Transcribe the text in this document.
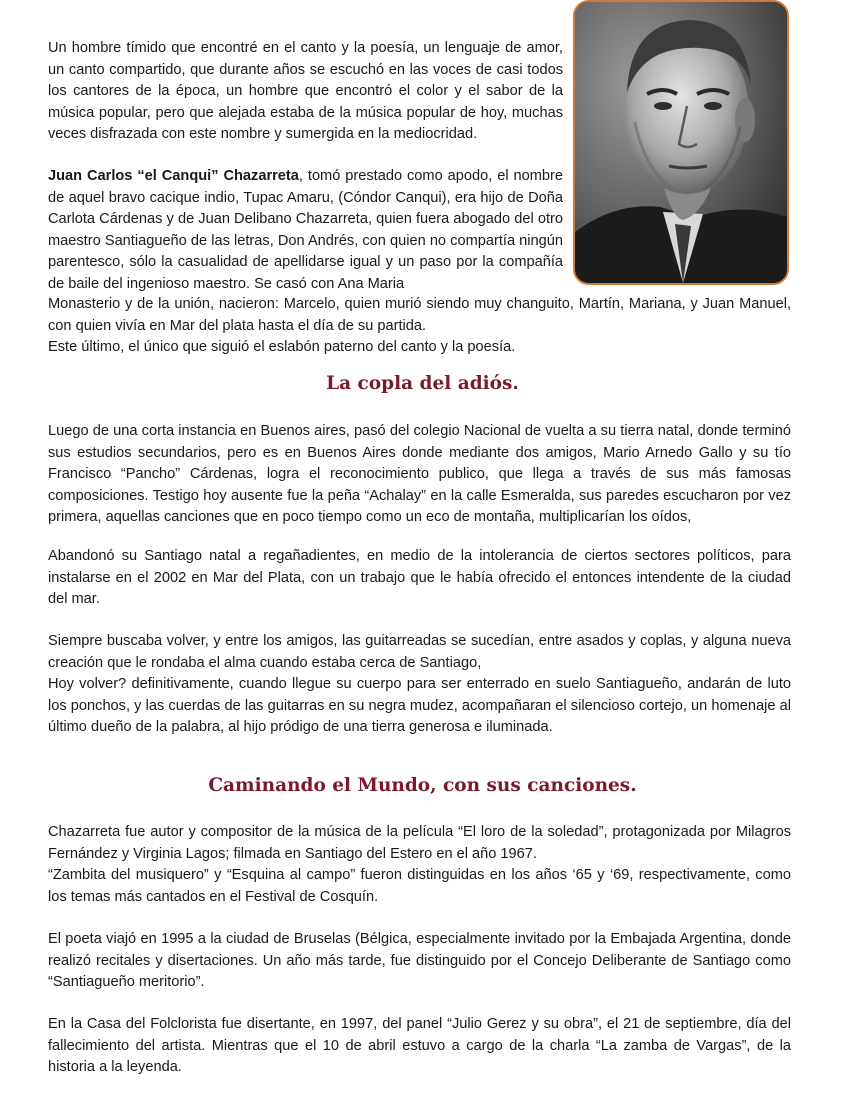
Un hombre tímido que encontré en el canto y la poesía, un lenguaje de amor, un canto compartido, que durante años se escuchó en las voces de casi todos los cantores de la época, un hombre que encontró el color y el sabor de la música popular, pero que alejada estaba de la música popular de hoy, muchas veces disfrazada con este nombre y sumergida en la mediocridad.

Juan Carlos “el Canqui” Chazarreta, tomó prestado como apodo, el nombre de aquel bravo cacique indio, Tupac Amaru, (Cóndor Canqui), era hijo de Doña Carlota Cárdenas y de Juan Delibano Chazarreta, quien fuera abogado del otro maestro Santiagueño de las letras, Don Andrés, con quien no compartía ningún parentesco, sólo la casualidad de apellidarse igual y un paso por la compañía de baile del ingenioso maestro. Se casó con Ana Maria

Monasterio y de la unión, nacieron: Marcelo, quien murió siendo muy changuito, Martín, Mariana, y Juan Manuel, con quien vivía en Mar del plata hasta el día de su partida.

Este último, el único que siguió el eslabón paterno del canto y la poesía.

La copla del adiós.

Luego de una corta instancia en Buenos aires, pasó del colegio Nacional de vuelta a su tierra natal, donde terminó sus estudios secundarios, pero es en Buenos Aires donde mediante dos amigos, Mario Arnedo Gallo y su tío Francisco “Pancho” Cárdenas, logra el reconocimiento publico, que llega a través de sus más famosas composiciones. Testigo hoy ausente fue la peña “Achalay” en la calle Esmeralda, sus paredes escucharon por vez primera, aquellas canciones que en poco tiempo como un eco de montaña, multiplicarían los oídos,

Abandonó su Santiago natal a regañadientes, en medio de la intolerancia de ciertos sectores políticos, para instalarse en el 2002 en Mar del Plata, con un trabajo que le había ofrecido el entonces intendente de la ciudad del mar.

Siempre buscaba volver, y entre los amigos, las guitarreadas se sucedían, entre asados y coplas, y alguna nueva creación que le rondaba el alma cuando estaba cerca de Santiago,

Hoy volver? definitivamente, cuando llegue su cuerpo para ser enterrado en suelo Santiagueño, andarán de luto los ponchos, y las cuerdas de las guitarras en su negra mudez, acompañaran el silencioso cortejo, un homenaje al último dueño de la palabra, al hijo pródigo de una tierra generosa e iluminada.

Caminando el Mundo, con sus canciones.

Chazarreta fue autor y compositor de la música de la película “El loro de la soledad”, protagonizada por Milagros Fernández y Virginia Lagos; filmada en Santiago del Estero en el año 1967.

“Zambita del musiquero” y “Esquina al campo” fueron distinguidas en los años ‘65 y ‘69, respectivamente, como los temas más cantados en el Festival de Cosquín.

El poeta viajó en 1995 a la ciudad de Bruselas (Bélgica, especialmente invitado por la Embajada Argentina, donde realizó recitales y disertaciones. Un año más tarde, fue distinguido por el Concejo Deliberante de Santiago como “Santiagueño meritorio”.

En la Casa del Folclorista fue disertante, en 1997, del panel “Julio Gerez y su obra”, el 21 de septiembre, día del fallecimiento del artista. Mientras que el 10 de abril estuvo a cargo de la charla “La zamba de Vargas”, de la historia a la leyenda.
